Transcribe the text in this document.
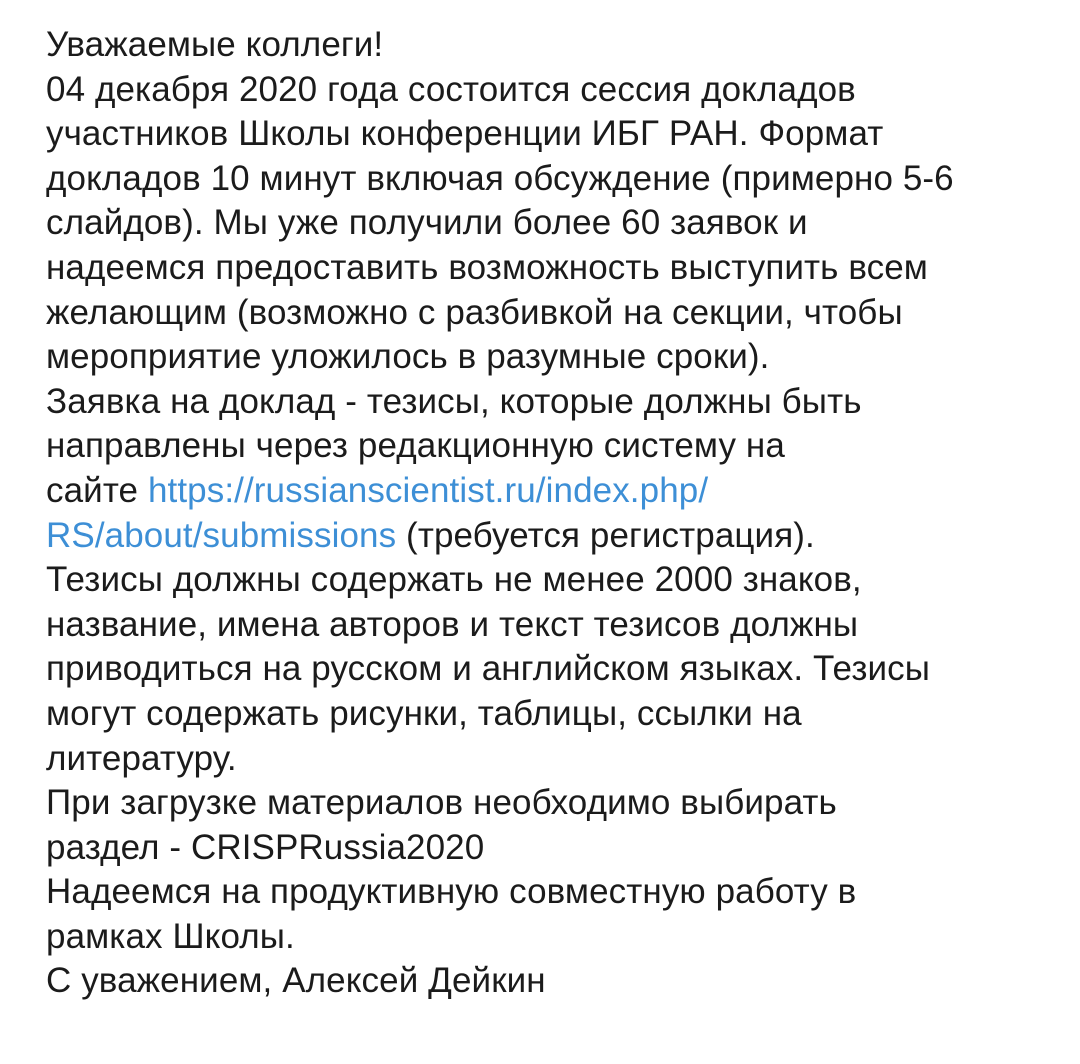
Уважаемые коллеги!
04 декабря 2020 года состоится сессия докладов
участников Школы конференции ИБГ РАН. Формат
докладов 10 минут включая обсуждение (примерно 5-6
слайдов). Мы уже получили более 60 заявок и
надеемся предоставить возможность выступить всем
желающим (возможно с разбивкой на секции, чтобы
мероприятие уложилось в разумные сроки).
Заявка на доклад - тезисы, которые должны быть
направлены через редакционную систему на
сайте https://russianscientist.ru/index.php/
RS/about/submissions (требуется регистрация).
Тезисы должны содержать не менее 2000 знаков,
название, имена авторов и текст тезисов должны
приводиться на русском и английском языках. Тезисы
могут содержать рисунки, таблицы, ссылки на
литературу.
При загрузке материалов необходимо выбирать
раздел - CRISPRussia2020
Надеемся на продуктивную совместную работу в
рамках Школы.
С уважением, Алексей Дейкин
